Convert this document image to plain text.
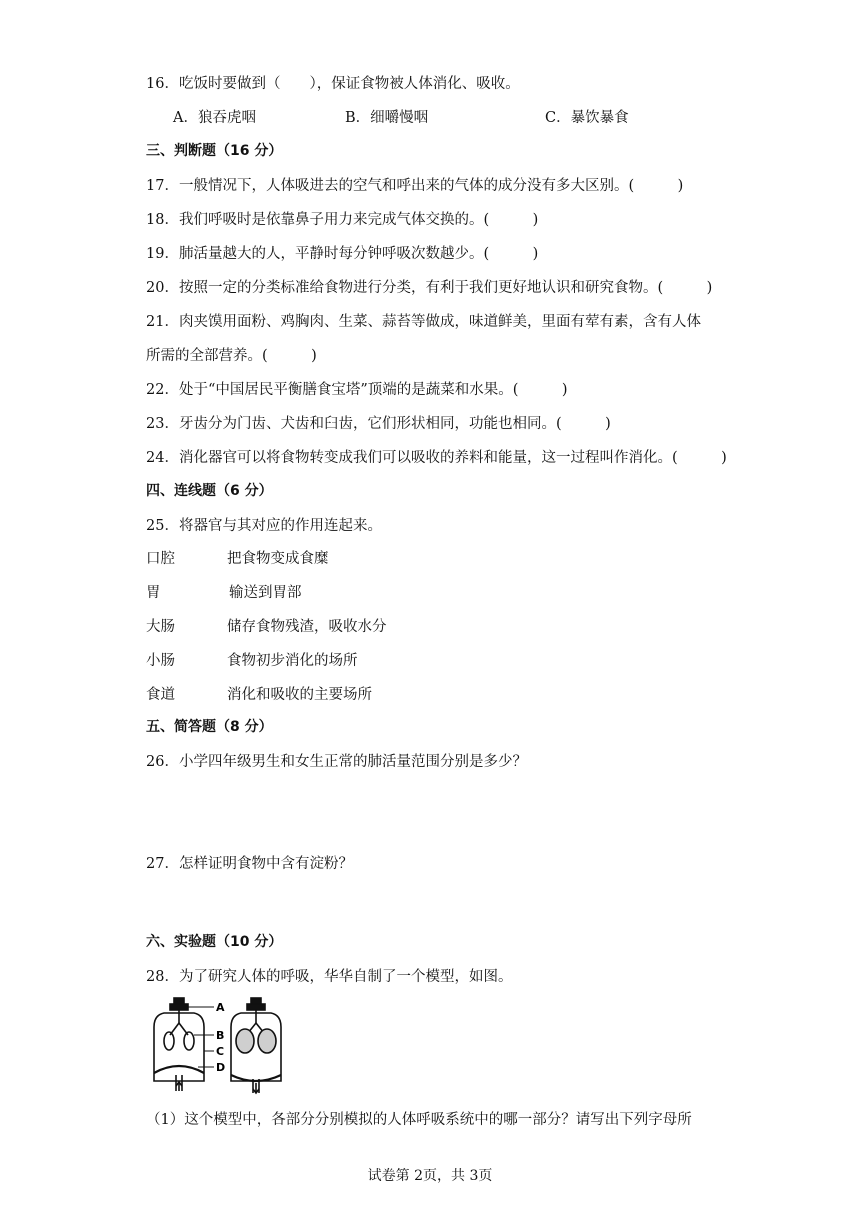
16．吃饭时要做到（　　），保证食物被人体消化、吸收。
A．狼吞虎咽	B．细嚼慢咽	C．暴饮暴食
三、判断题（16 分）
17．一般情况下，人体吸进去的空气和呼出来的气体的成分没有多大区别。(　　　)
18．我们呼吸时是依靠鼻子用力来完成气体交换的。(　　　)
19．肺活量越大的人，平静时每分钟呼吸次数越少。(　　　)
20．按照一定的分类标准给食物进行分类，有利于我们更好地认识和研究食物。(　　　)
21．肉夹馍用面粉、鸡胸肉、生菜、蒜苔等做成，味道鲜美，里面有荤有素，含有人体
所需的全部营养。(　　　)
22．处于“中国居民平衡膳食宝塔”顶端的是蔬菜和水果。(　　　)
23．牙齿分为门齿、犬齿和臼齿，它们形状相同，功能也相同。(　　　)
24．消化器官可以将食物转变成我们可以吸收的养料和能量，这一过程叫作消化。(　　　)
四、连线题（6 分）
25．将器官与其对应的作用连起来。
口腔	把食物变成食糜
胃	输送到胃部
大肠	储存食物残渣，吸收水分
小肠	食物初步消化的场所
食道	消化和吸收的主要场所
五、简答题（8 分）
26．小学四年级男生和女生正常的肺活量范围分别是多少？
27．怎样证明食物中含有淀粉？
六、实验题（10 分）
28．为了研究人体的呼吸，华华自制了一个模型，如图。
A
B
C
D
（1）这个模型中，各部分分别模拟的人体呼吸系统中的哪一部分？请写出下列字母所
试卷第 2页，共 3页
